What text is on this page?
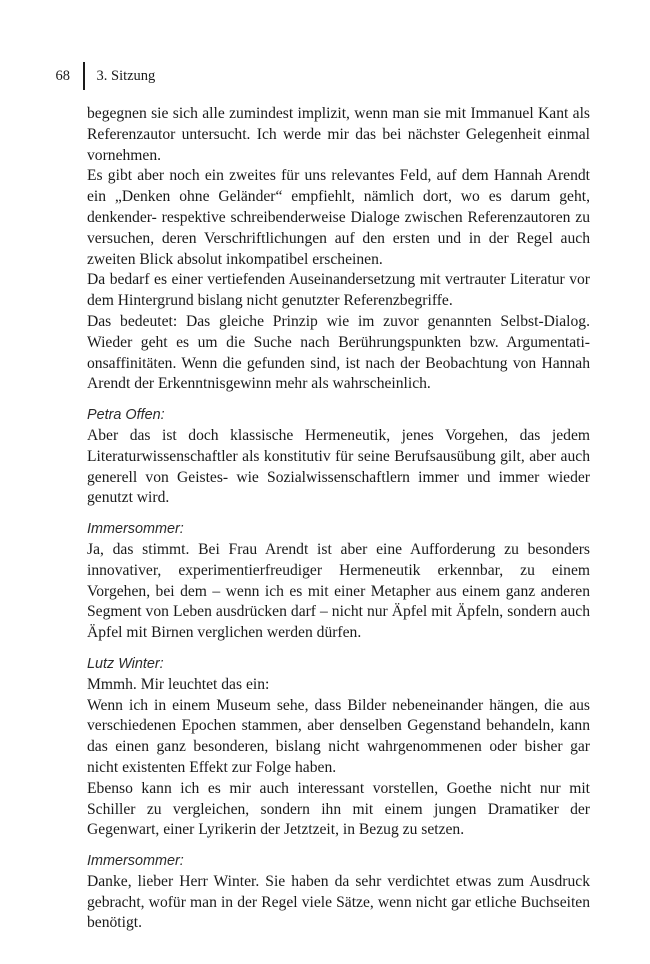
68 3. Sitzung

begegnen sie sich alle zumindest implizit, wenn man sie mit Immanuel Kant als Referenzautor untersucht. Ich werde mir das bei nächster Gelegenheit einmal vornehmen.

Es gibt aber noch ein zweites für uns relevantes Feld, auf dem Hannah Arendt ein „Denken ohne Geländer“ empfiehlt, nämlich dort, wo es darum geht, denkender- respektive schreibenderweise Dialoge zwischen Referenzautoren zu versuchen, deren Verschriftlichungen auf den ersten und in der Regel auch zweiten Blick absolut inkompatibel erscheinen.

Da bedarf es einer vertiefenden Auseinandersetzung mit vertrauter Literatur vor dem Hintergrund bislang nicht genutzter Referenzbegriffe.

Das bedeutet: Das gleiche Prinzip wie im zuvor genannten Selbst-Dialog. Wieder geht es um die Suche nach Berührungspunkten bzw. Argumentationsaffinitäten. Wenn die gefunden sind, ist nach der Beobachtung von Hannah Arendt der Erkenntnisgewinn mehr als wahrscheinlich.

Petra Offen:

Aber das ist doch klassische Hermeneutik, jenes Vorgehen, das jedem Literaturwissenschaftler als konstitutiv für seine Berufsausübung gilt, aber auch generell von Geistes- wie Sozialwissenschaftlern immer und immer wieder genutzt wird.

Immersommer:

Ja, das stimmt. Bei Frau Arendt ist aber eine Aufforderung zu besonders innovativer, experimentierfreudiger Hermeneutik erkennbar, zu einem Vorgehen, bei dem – wenn ich es mit einer Metapher aus einem ganz anderen Segment von Leben ausdrücken darf – nicht nur Äpfel mit Äpfeln, sondern auch Äpfel mit Birnen verglichen werden dürfen.

Lutz Winter:

Mmmh. Mir leuchtet das ein:

Wenn ich in einem Museum sehe, dass Bilder nebeneinander hängen, die aus verschiedenen Epochen stammen, aber denselben Gegenstand behandeln, kann das einen ganz besonderen, bislang nicht wahrgenommenen oder bisher gar nicht existenten Effekt zur Folge haben.

Ebenso kann ich es mir auch interessant vorstellen, Goethe nicht nur mit Schiller zu vergleichen, sondern ihn mit einem jungen Dramatiker der Gegenwart, einer Lyrikerin der Jetztzeit, in Bezug zu setzen.

Immersommer:

Danke, lieber Herr Winter. Sie haben da sehr verdichtet etwas zum Ausdruck gebracht, wofür man in der Regel viele Sätze, wenn nicht gar etliche Buchseiten benötigt.
